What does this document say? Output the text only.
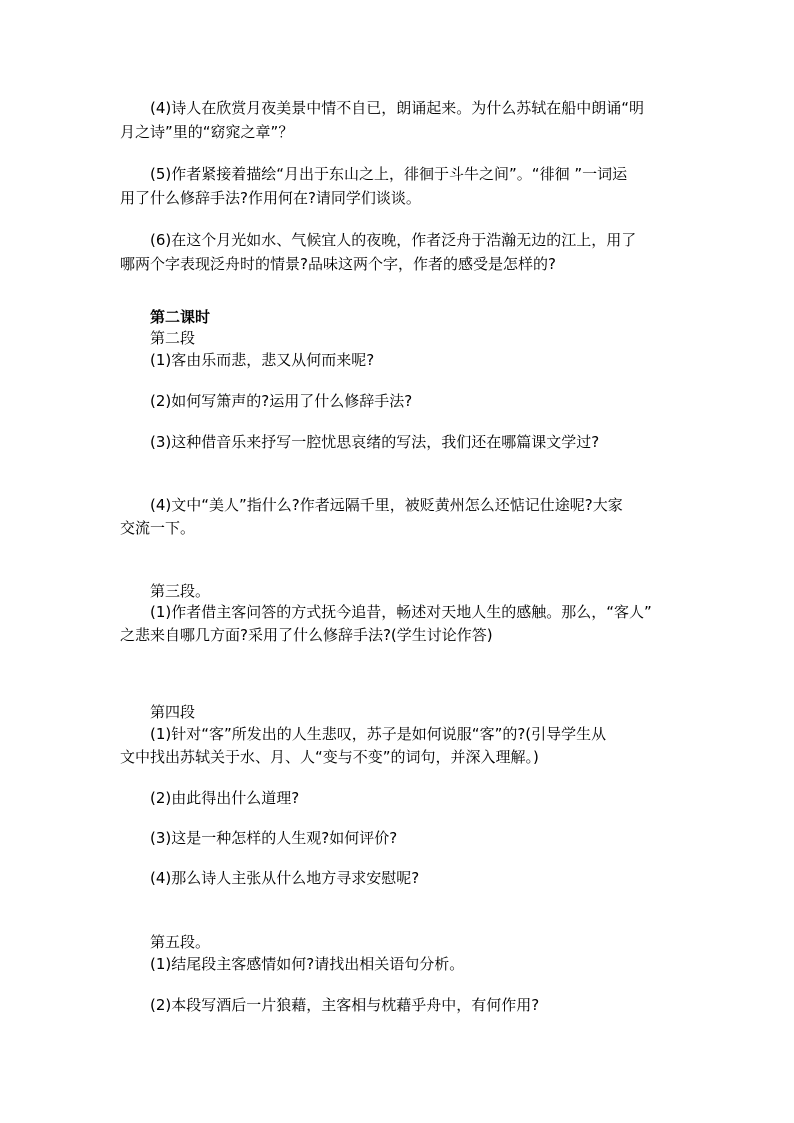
(4)诗人在欣赏月夜美景中情不自已，朗诵起来。为什么苏轼在船中朗诵“明
月之诗”里的“窈窕之章”？
(5)作者紧接着描绘“月出于东山之上，徘徊于斗牛之间”。“徘徊 ”一词运
用了什么修辞手法?作用何在?请同学们谈谈。
(6)在这个月光如水、气候宜人的夜晚，作者泛舟于浩瀚无边的江上，用了
哪两个字表现泛舟时的情景?品味这两个字，作者的感受是怎样的?
第二课时
第二段
(1)客由乐而悲，悲又从何而来呢?
(2)如何写箫声的?运用了什么修辞手法?
(3)这种借音乐来抒写一腔忧思哀绪的写法，我们还在哪篇课文学过?
(4)文中“美人”指什么?作者远隔千里，被贬黄州怎么还惦记仕途呢?大家
交流一下。
第三段。
(1)作者借主客问答的方式抚今追昔，畅述对天地人生的感触。那么，“客人”
之悲来自哪几方面?采用了什么修辞手法?(学生讨论作答)
第四段
(1)针对“客”所发出的人生悲叹，苏子是如何说服“客”的?(引导学生从
文中找出苏轼关于水、月、人“变与不变”的词句，并深入理解。)
(2)由此得出什么道理?
(3)这是一种怎样的人生观?如何评价?
(4)那么诗人主张从什么地方寻求安慰呢?
第五段。
(1)结尾段主客感情如何?请找出相关语句分析。
(2)本段写酒后一片狼藉，主客相与枕藉乎舟中，有何作用?
